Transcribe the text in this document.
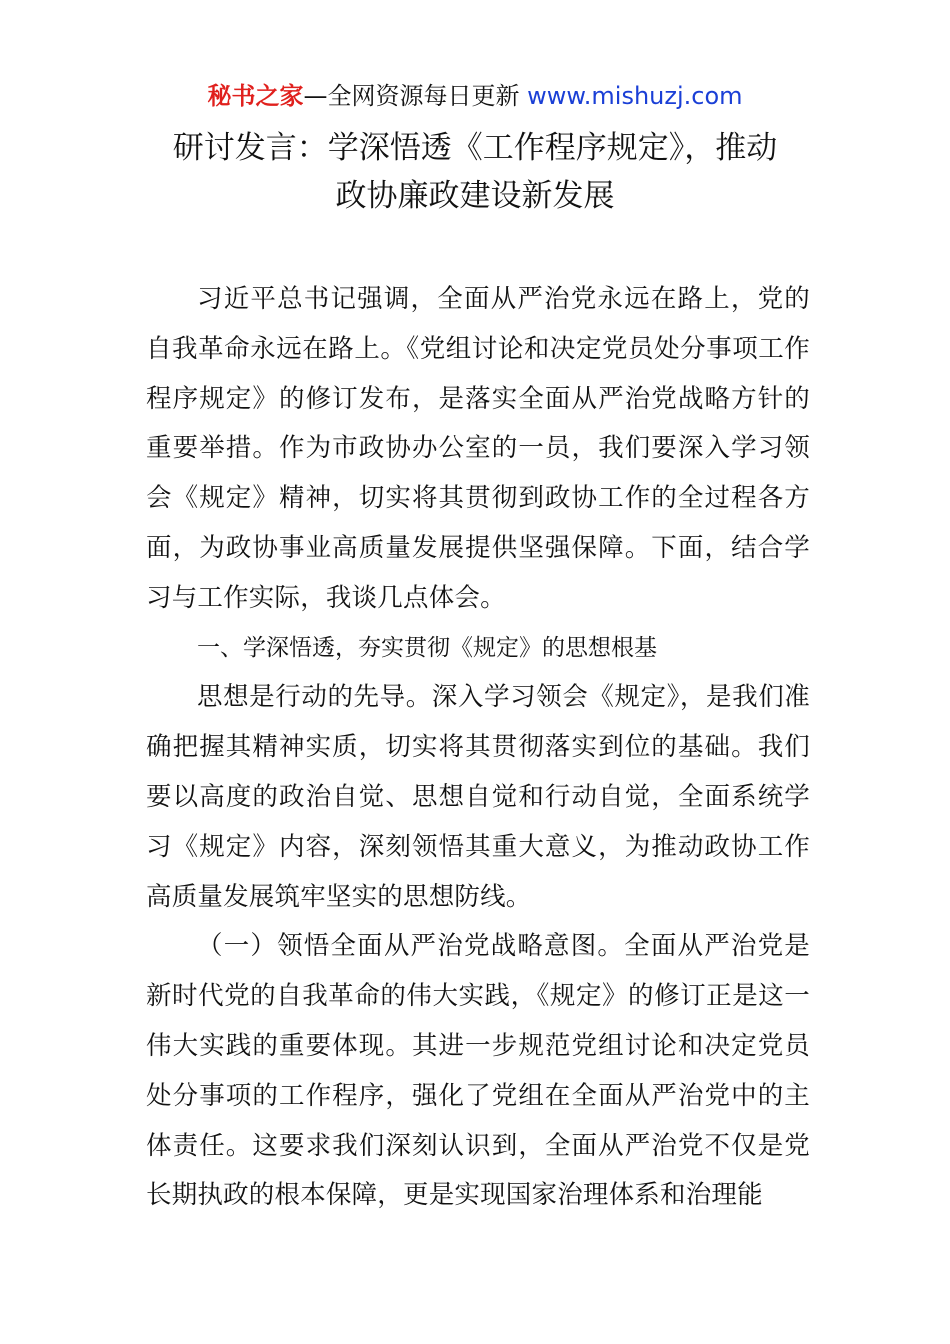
秘书之家—全网资源每日更新 www.mishuzj.com
研讨发言：学深悟透《工作程序规定》，推动
政协廉政建设新发展

习近平总书记强调，全面从严治党永远在路上，党的自我革命永远在路上。《党组讨论和决定党员处分事项工作程序规定》的修订发布，是落实全面从严治党战略方针的重要举措。作为市政协办公室的一员，我们要深入学习领会《规定》精神，切实将其贯彻到政协工作的全过程各方面，为政协事业高质量发展提供坚强保障。下面，结合学习与工作实际，我谈几点体会。

一、学深悟透，夯实贯彻《规定》的思想根基

思想是行动的先导。深入学习领会《规定》，是我们准确把握其精神实质，切实将其贯彻落实到位的基础。我们要以高度的政治自觉、思想自觉和行动自觉，全面系统学习《规定》内容，深刻领悟其重大意义，为推动政协工作高质量发展筑牢坚实的思想防线。

（一）领悟全面从严治党战略意图。全面从严治党是新时代党的自我革命的伟大实践，《规定》的修订正是这一伟大实践的重要体现。其进一步规范党组讨论和决定党员处分事项的工作程序，强化了党组在全面从严治党中的主体责任。这要求我们深刻认识到，全面从严治党不仅是党长期执政的根本保障，更是实现国家治理体系和治理能
